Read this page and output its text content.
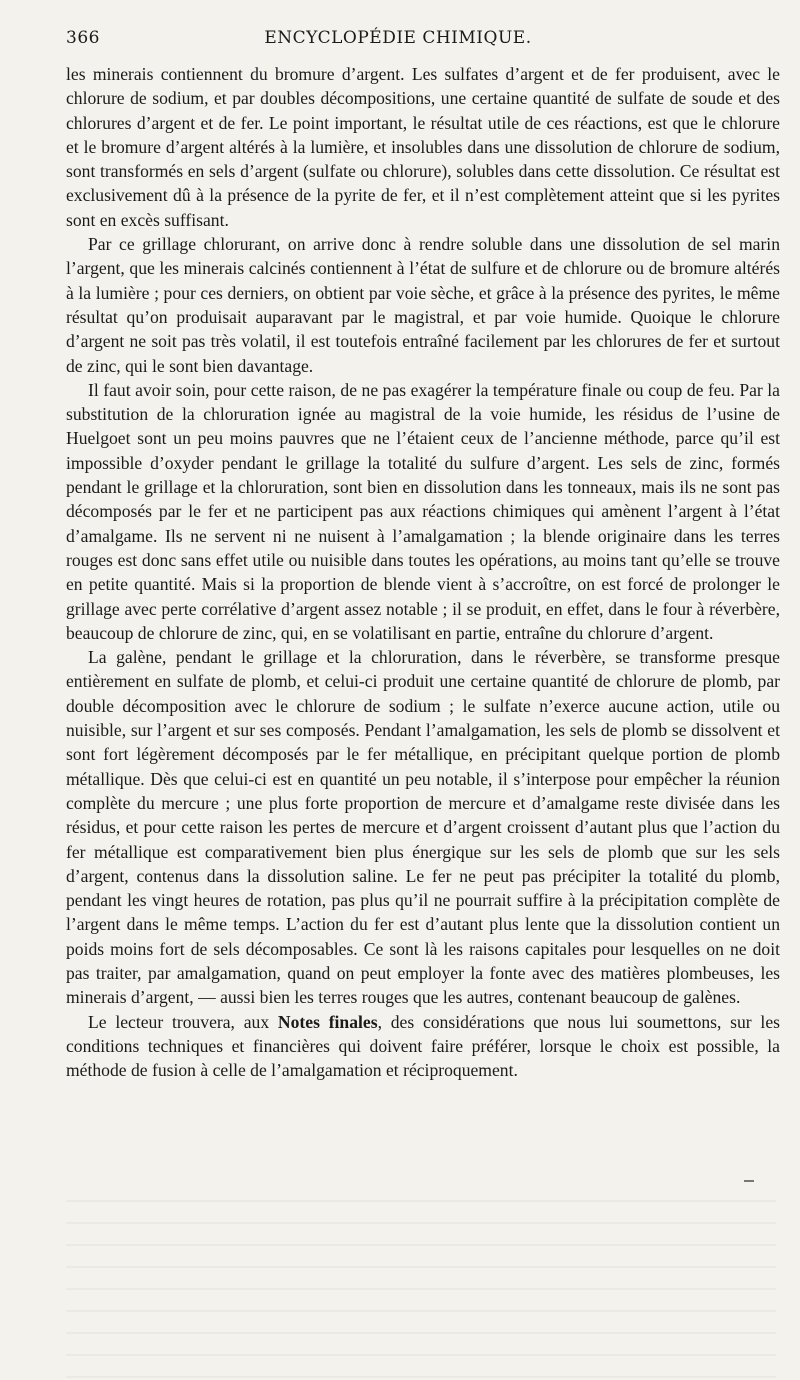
366	ENCYCLOPÉDIE CHIMIQUE.

les minerais contiennent du bromure d’argent. Les sulfates d’argent et de fer produisent, avec le chlorure de sodium, et par doubles décompositions, une certaine quantité de sulfate de soude et des chlorures d’argent et de fer. Le point important, le résultat utile de ces réactions, est que le chlorure et le bromure d’argent altérés à la lumière, et insolubles dans une dissolution de chlorure de sodium, sont transformés en sels d’argent (sulfate ou chlorure), solubles dans cette dissolution. Ce résultat est exclusivement dû à la présence de la pyrite de fer, et il n’est complètement atteint que si les pyrites sont en excès suffisant.

Par ce grillage chlorurant, on arrive donc à rendre soluble dans une dissolution de sel marin l’argent, que les minerais calcinés contiennent à l’état de sulfure et de chlorure ou de bromure altérés à la lumière ; pour ces derniers, on obtient par voie sèche, et grâce à la présence des pyrites, le même résultat qu’on produisait auparavant par le magistral, et par voie humide. Quoique le chlorure d’argent ne soit pas très volatil, il est toutefois entraîné facilement par les chlorures de fer et surtout de zinc, qui le sont bien davantage.

Il faut avoir soin, pour cette raison, de ne pas exagérer la température finale ou coup de feu. Par la substitution de la chloruration ignée au magistral de la voie humide, les résidus de l’usine de Huelgoet sont un peu moins pauvres que ne l’étaient ceux de l’ancienne méthode, parce qu’il est impossible d’oxyder pendant le grillage la totalité du sulfure d’argent. Les sels de zinc, formés pendant le grillage et la chloruration, sont bien en dissolution dans les tonneaux, mais ils ne sont pas décomposés par le fer et ne participent pas aux réactions chimiques qui amènent l’argent à l’état d’amalgame. Ils ne servent ni ne nuisent à l’amalgamation ; la blende originaire dans les terres rouges est donc sans effet utile ou nuisible dans toutes les opérations, au moins tant qu’elle se trouve en petite quantité. Mais si la proportion de blende vient à s’accroître, on est forcé de prolonger le grillage avec perte corrélative d’argent assez notable ; il se produit, en effet, dans le four à réverbère, beaucoup de chlorure de zinc, qui, en se volatilisant en partie, entraîne du chlorure d’argent.

La galène, pendant le grillage et la chloruration, dans le réverbère, se transforme presque entièrement en sulfate de plomb, et celui-ci produit une certaine quantité de chlorure de plomb, par double décomposition avec le chlorure de sodium ; le sulfate n’exerce aucune action, utile ou nuisible, sur l’argent et sur ses composés. Pendant l’amalgamation, les sels de plomb se dissolvent et sont fort légèrement décomposés par le fer métallique, en précipitant quelque portion de plomb métallique. Dès que celui-ci est en quantité un peu notable, il s’interpose pour empêcher la réunion complète du mercure ; une plus forte proportion de mercure et d’amalgame reste divisée dans les résidus, et pour cette raison les pertes de mercure et d’argent croissent d’autant plus que l’action du fer métallique est comparativement bien plus énergique sur les sels de plomb que sur les sels d’argent, contenus dans la dissolution saline. Le fer ne peut pas précipiter la totalité du plomb, pendant les vingt heures de rotation, pas plus qu’il ne pourrait suffire à la précipitation complète de l’argent dans le même temps. L’action du fer est d’autant plus lente que la dissolution contient un poids moins fort de sels décomposables. Ce sont là les raisons capitales pour lesquelles on ne doit pas traiter, par amalgamation, quand on peut employer la fonte avec des matières plombeuses, les minerais d’argent, — aussi bien les terres rouges que les autres, contenant beaucoup de galènes.

Le lecteur trouvera, aux Notes finales, des considérations que nous lui soumettons, sur les conditions techniques et financières qui doivent faire préférer, lorsque le choix est possible, la méthode de fusion à celle de l’amalgamation et réciproquement.
